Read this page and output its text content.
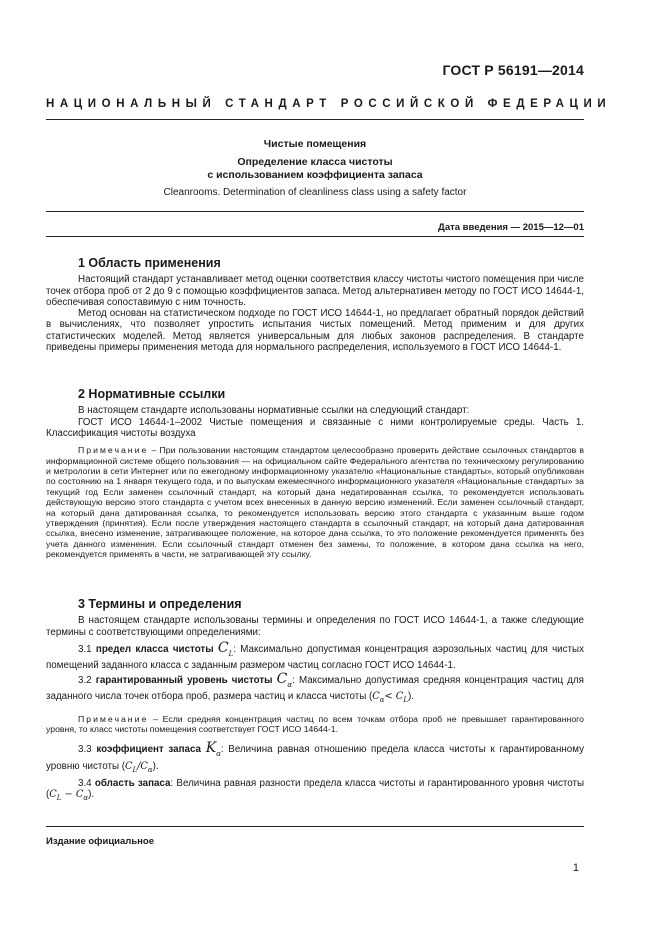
ГОСТ Р 56191—2014
НАЦИОНАЛЬНЫЙ СТАНДАРТ РОССИЙСКОЙ ФЕДЕРАЦИИ
Чистые помещения
Определение класса чистоты
с использованием коэффициента запаса
Cleanrooms. Determination of cleanliness class using a safety factor
Дата введения — 2015—12—01
1 Область применения

Настоящий стандарт устанавливает метод оценки соответствия классу чистоты чистого помещения при числе точек отбора проб от 2 до 9 с помощью коэффициентов запаса. Метод альтернативен методу по ГОСТ ИСО 14644-1, обеспечивая сопоставимую с ним точность.

Метод основан на статистическом подходе по ГОСТ ИСО 14644-1, но предлагает обратный порядок действий в вычислениях, что позволяет упростить испытания чистых помещений. Метод применим и для других статистических моделей. Метод является универсальным для любых законов распределения. В стандарте приведены примеры применения метода для нормального распределения, используемого в ГОСТ ИСО 14644-1.

2 Нормативные ссылки

В настоящем стандарте использованы нормативные ссылки на следующий стандарт:

ГОСТ ИСО 14644-1–2002 Чистые помещения и связанные с ними контролируемые среды. Часть 1. Классификация чистоты воздуха

Примечание – При пользовании настоящим стандартом целесообразно проверить действие ссылочных стандартов в информационной системе общего пользования — на официальном сайте Федерального агентства по техническому регулированию и метрологии в сети Интернет или по ежегодному информационному указателю «Национальные стандарты», который опубликован по состоянию на 1 января текущего года, и по выпускам ежемесячного информационного указателя «Национальные стандарты» за текущий год Если заменен ссылочный стандарт, на который дана недатированная ссылка, то рекомендуется использовать действующую версию этого стандарта с учетом всех внесенных в данную версию изменений. Если заменен ссылочный стандарт, на который дана датированная ссылка, то рекомендуется использовать версию этого стандарта с указанным выше годом утверждения (принятия). Если после утверждения настоящего стандарта в ссылочный стандарт, на который дана датированная ссылка, внесено изменение, затрагивающее положение, на которое дана ссылка, то это положение рекомендуется применять без учета данного изменения. Если ссылочный стандарт отменен без замены, то положение, в котором дана ссылка на него, рекомендуется применять в части, не затрагивающей эту ссылку.

3 Термины и определения

В настоящем стандарте использованы термины и определения по ГОСТ ИСО 14644-1, а также следующие термины с соответствующими определениями:

3.1 предел класса чистоты $C_L$: Максимально допустимая концентрация аэрозольных частиц для чистых помещений заданного класса с заданным размером частиц согласно ГОСТ ИСО 14644-1.

3.2 гарантированный уровень чистоты $C_\alpha$: Максимально допустимая средняя концентрация частиц для заданного числа точек отбора проб, размера частиц и класса чистоты $(C_\alpha< C_L)$.

Примечание – Если средняя концентрация частиц по всем точкам отбора проб не превышает гарантированного уровня, то класс чистоты помещения соответствует ГОСТ ИСО 14644-1.

3.3 коэффициент запаса $K_\alpha$: Величина равная отношению предела класса чистоты к гарантированному уровню чистоты $(C_L/C_\alpha)$.

3.4 область запаса: Величина равная разности предела класса чистоты и гарантированного уровня чистоты $(C_L - C_\alpha)$.

Издание официальное
1
